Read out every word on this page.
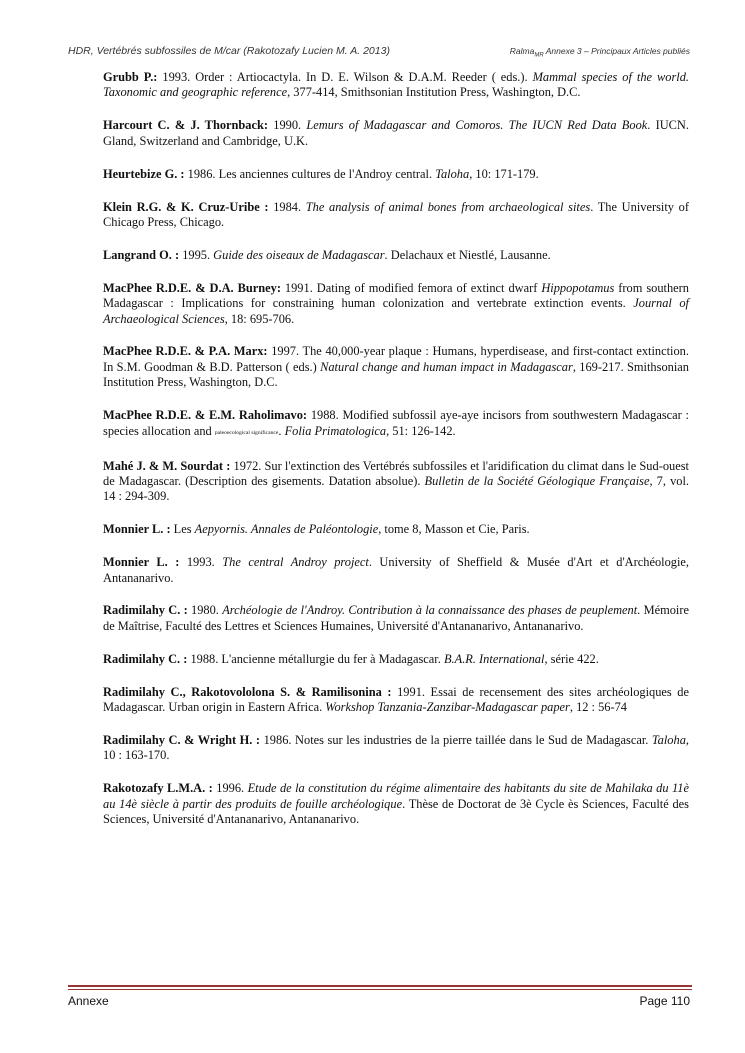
HDR, Vertébrés subfossiles de M/car (Rakotozafy Lucien M. A. 2013)	Ralma$_{MR}$ Annexe 3 – Principaux Articles publiés

Grubb P.: 1993. Order : Artiocactyla. In D. E. Wilson & D.A.M. Reeder ( eds.). Mammal species of the world. Taxonomic and geographic reference, 377-414, Smithsonian Institution Press, Washington, D.C.

Harcourt C. & J. Thornback: 1990. Lemurs of Madagascar and Comoros. The IUCN Red Data Book. IUCN. Gland, Switzerland and Cambridge, U.K.

Heurtebize G. : 1986. Les anciennes cultures de l'Androy central. Taloha, 10: 171-179.

Klein R.G. & K. Cruz-Uribe : 1984. The analysis of animal bones from archaeological sites. The University of Chicago Press, Chicago.

Langrand O. : 1995. Guide des oiseaux de Madagascar. Delachaux et Niestlé, Lausanne.

MacPhee R.D.E. & D.A. Burney: 1991. Dating of modified femora of extinct dwarf Hippopotamus from southern Madagascar : Implications for constraining human colonization and vertebrate extinction events. Journal of Archaeological Sciences, 18: 695-706.

MacPhee R.D.E. & P.A. Marx: 1997. The 40,000-year plaque : Humans, hyperdisease, and first-contact extinction. In S.M. Goodman & B.D. Patterson ( eds.) Natural change and human impact in Madagascar, 169-217. Smithsonian Institution Press, Washington, D.C.

MacPhee R.D.E. & E.M. Raholimavo: 1988. Modified subfossil aye-aye incisors from southwestern Madagascar : species allocation and paleoecological significance. Folia Primatologica, 51: 126-142.

Mahé J. & M. Sourdat : 1972. Sur l'extinction des Vertébrés subfossiles et l'aridification du climat dans le Sud-ouest de Madagascar. (Description des gisements. Datation absolue). Bulletin de la Société Géologique Française, 7, vol. 14 : 294-309.

Monnier L. : Les Aepyornis. Annales de Paléontologie, tome 8, Masson et Cie, Paris.

Monnier L. : 1993. The central Androy project. University of Sheffield & Musée d'Art et d'Archéologie, Antananarivo.

Radimilahy C. : 1980. Archéologie de l'Androy. Contribution à la connaissance des phases de peuplement. Mémoire de Maîtrise, Faculté des Lettres et Sciences Humaines, Université d'Antananarivo, Antananarivo.

Radimilahy C. : 1988. L'ancienne métallurgie du fer à Madagascar. B.A.R. International, série 422.

Radimilahy C., Rakotovololona S. & Ramilisonina : 1991. Essai de recensement des sites archéologiques de Madagascar. Urban origin in Eastern Africa. Workshop Tanzania-Zanzibar-Madagascar paper, 12 : 56-74

Radimilahy C. & Wright H. : 1986. Notes sur les industries de la pierre taillée dans le Sud de Madagascar. Taloha, 10 : 163-170.

Rakotozafy L.M.A. : 1996. Etude de la constitution du régime alimentaire des habitants du site de Mahilaka du 11è au 14è siècle à partir des produits de fouille archéologique. Thèse de Doctorat de 3è Cycle ès Sciences, Faculté des Sciences, Université d'Antananarivo, Antananarivo.

Annexe	Page 110
